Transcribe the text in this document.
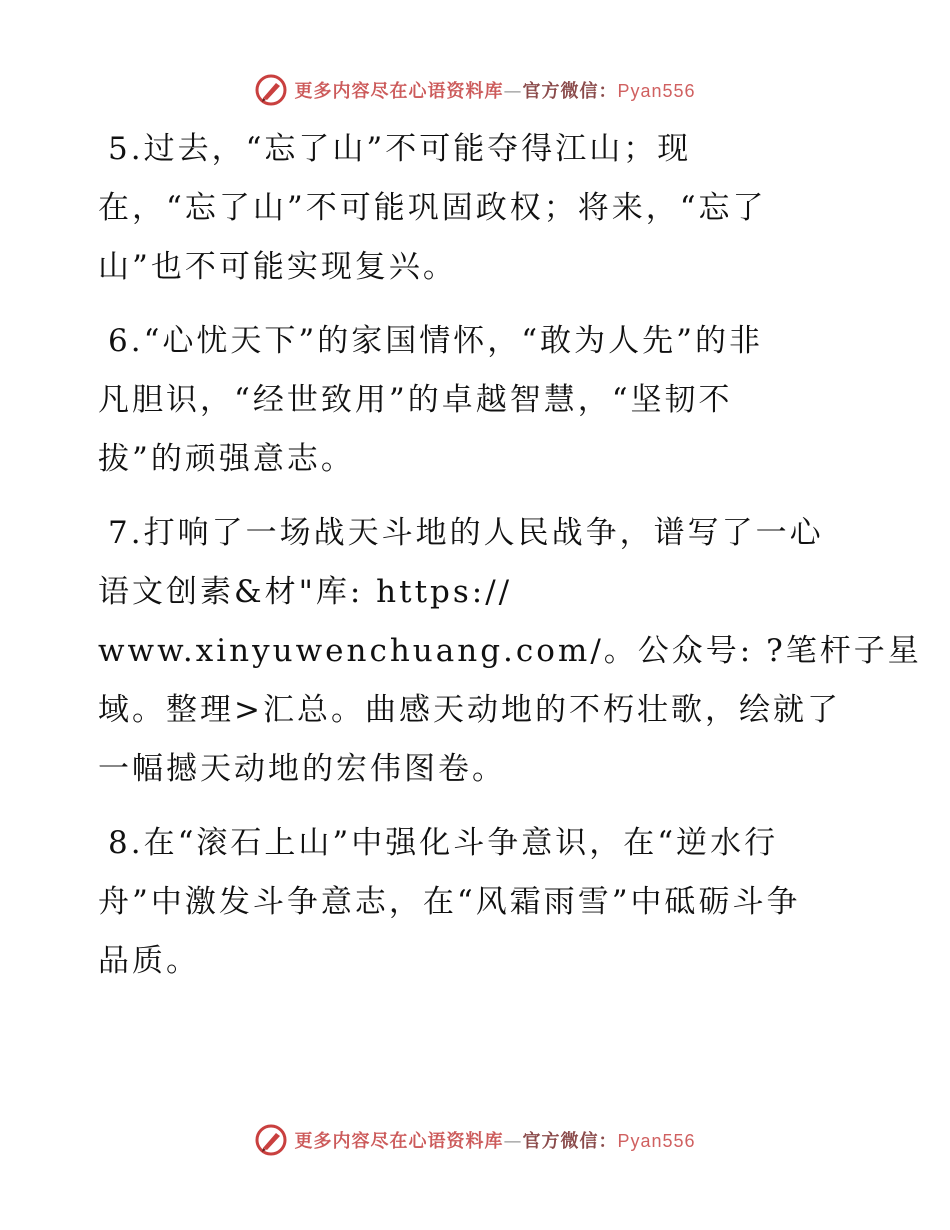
更多内容尽在心语资料库—官方微信：Pyan556

5.过去，“忘了山”不可能夺得江山；现
在，“忘了山”不可能巩固政权；将来，“忘了
山”也不可能实现复兴。

6.“心忧天下”的家国情怀，“敢为人先”的非
凡胆识，“经世致用”的卓越智慧，“坚韧不
拔”的顽强意志。

7.打响了一场战天斗地的人民战争，谱写了一心
语文创素&材"库: https://
www.xinyuwenchuang.com/。公众号: ?笔杆子星
域。整理>汇总。曲感天动地的不朽壮歌，绘就了
一幅撼天动地的宏伟图卷。

8.在“滚石上山”中强化斗争意识，在“逆水行
舟”中激发斗争意志，在“风霜雨雪”中砥砺斗争
品质。

更多内容尽在心语资料库—官方微信：Pyan556
